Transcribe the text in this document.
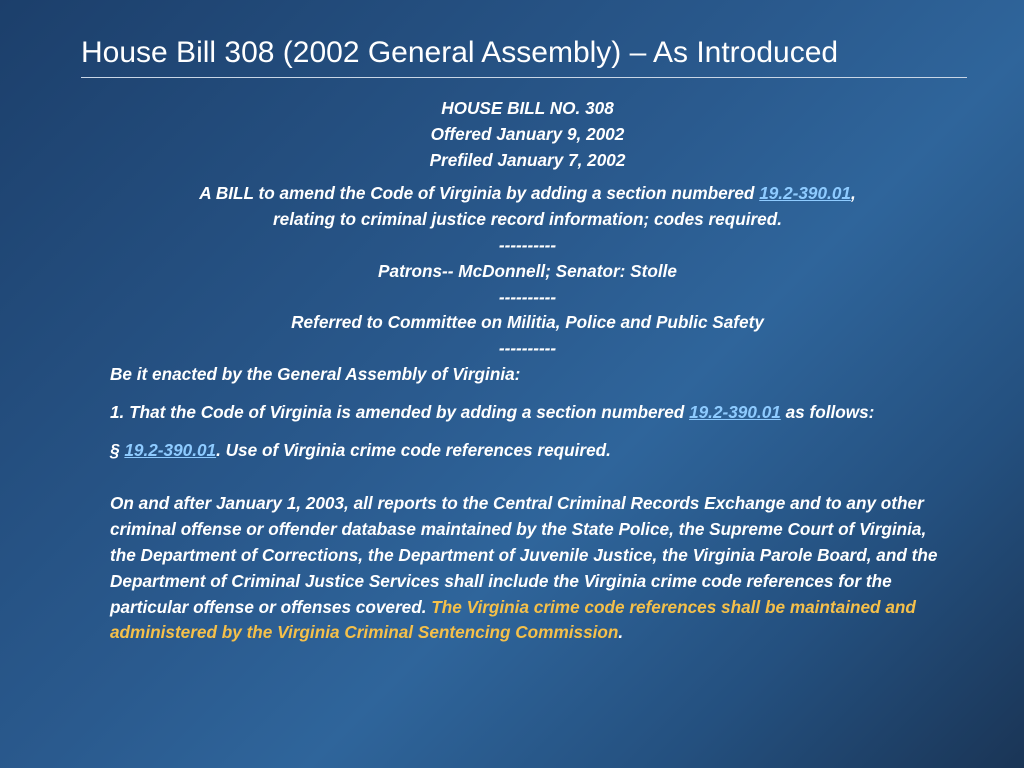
House Bill 308 (2002 General Assembly) – As Introduced
HOUSE BILL NO. 308
Offered January 9, 2002
Prefiled January 7, 2002
A BILL to amend the Code of Virginia by adding a section numbered 19.2-390.01,
relating to criminal justice record information; codes required.
----------
Patrons-- McDonnell; Senator: Stolle
----------
Referred to Committee on Militia, Police and Public Safety
----------
Be it enacted by the General Assembly of Virginia:
1. That the Code of Virginia is amended by adding a section numbered 19.2-390.01 as follows:
§ 19.2-390.01. Use of Virginia crime code references required.
On and after January 1, 2003, all reports to the Central Criminal Records Exchange and to any other criminal offense or offender database maintained by the State Police, the Supreme Court of Virginia, the Department of Corrections, the Department of Juvenile Justice, the Virginia Parole Board, and the Department of Criminal Justice Services shall include the Virginia crime code references for the particular offense or offenses covered. The Virginia crime code references shall be maintained and administered by the Virginia Criminal Sentencing Commission.
